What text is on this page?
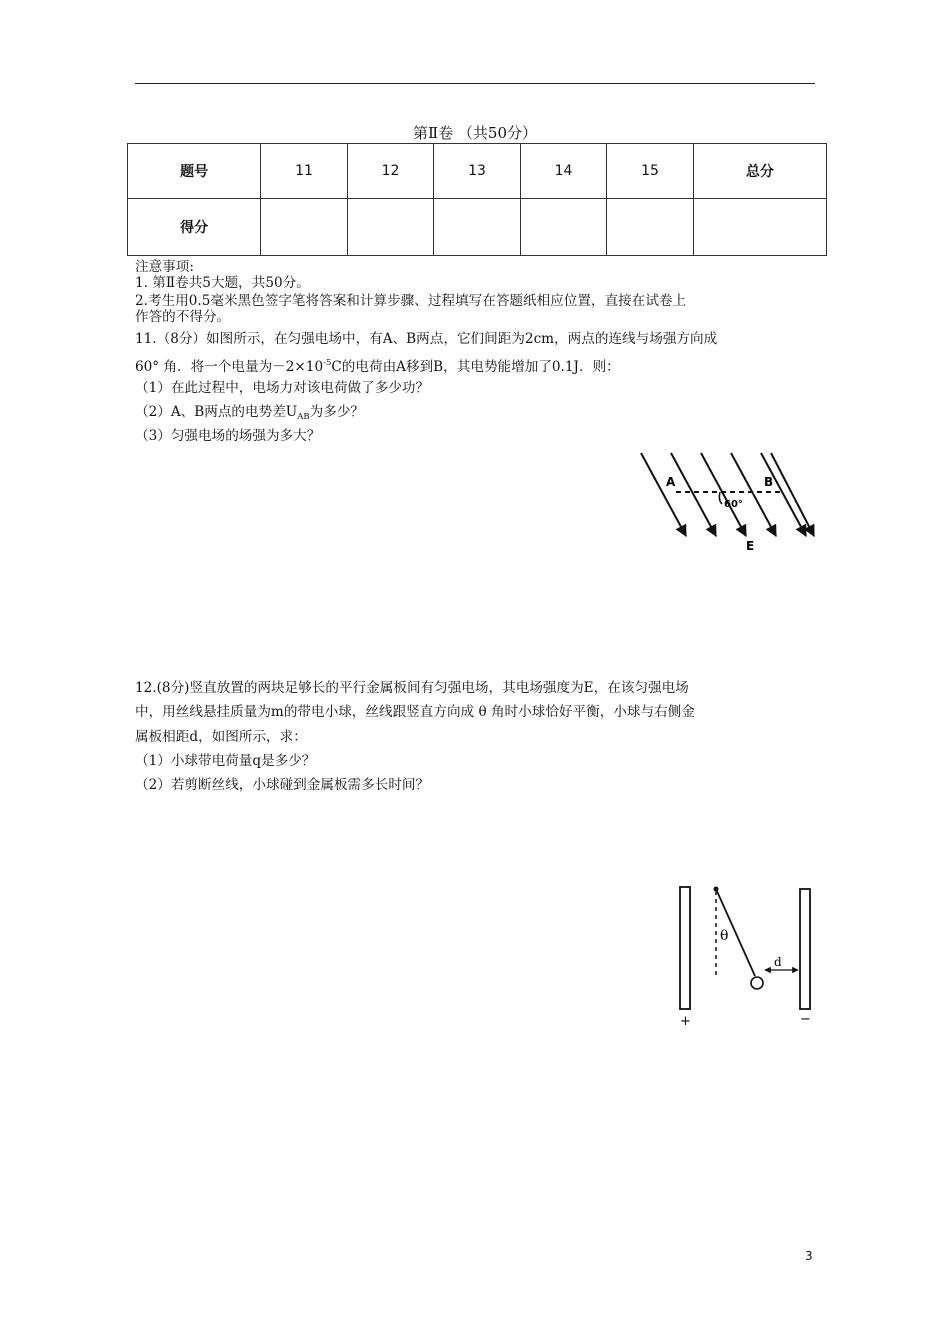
第Ⅱ卷 （共50分）
题号	11	12	13	14	15	总分
得分						
注意事项:
1. 第Ⅱ卷共5大题，共50分。
2.考生用0.5毫米黑色签字笔将答案和计算步骤、过程填写在答题纸相应位置，直接在试卷上
作答的不得分。
11.（8分）如图所示，在匀强电场中，有A、B两点，它们间距为2cm，两点的连线与场强方向成
60° 角．将一个电量为$-2\times 10^{-5}C$的电荷由A移到B，其电势能增加了0.1J．则：
（1）在此过程中，电场力对该电荷做了多少功？
（2）A、B两点的电势差$U_{AB}$为多少？
（3）匀强电场的场强为多大？
A	B
60°
E
12.(8分)竖直放置的两块足够长的平行金属板间有匀强电场，其电场强度为E，在该匀强电场
中，用丝线悬挂质量为m的带电小球，丝线跟竖直方向成 θ 角时小球恰好平衡，小球与右侧金
属板相距d，如图所示，求：
（1）小球带电荷量q是多少？
（2）若剪断丝线，小球碰到金属板需多长时间？
θ
d
+	−
3
